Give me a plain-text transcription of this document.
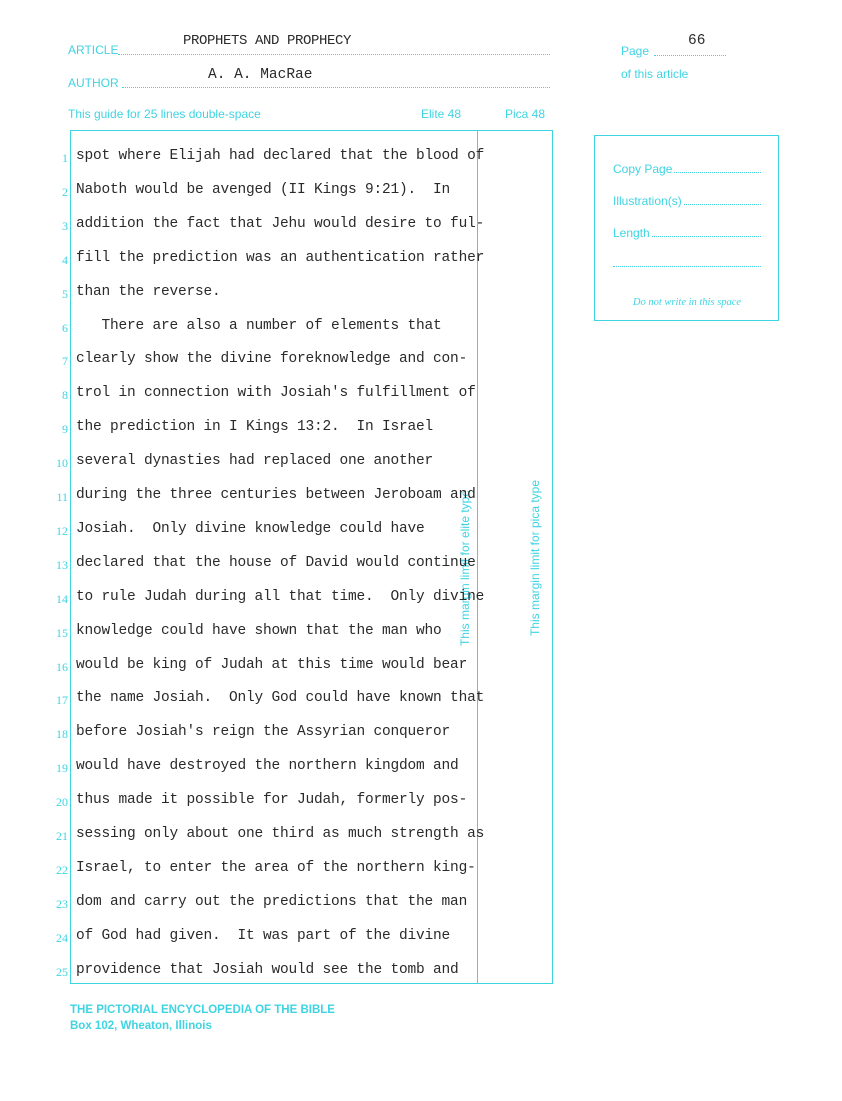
ARTICLE
PROPHETS AND PROPHECY
AUTHOR	A. A. MacRae
Page
66
of this article
This guide for 25 lines double-space	Elite 48	Pica 48
This margin limit for elite type	This margin limit for pica type
Copy Page
Illustration(s)
Length
Do not write in this space
1 spot where Elijah had declared that the blood of
2 Naboth would be avenged (II Kings 9:21).  In
3 addition the fact that Jehu would desire to ful-
4 fill the prediction was an authentication rather
5 than the reverse.
6 There are also a number of elements that
7 clearly show the divine foreknowledge and con-
8 trol in connection with Josiah's fulfillment of
9 the prediction in I Kings 13:2.  In Israel
10 several dynasties had replaced one another
11 during the three centuries between Jeroboam and
12 Josiah.  Only divine knowledge could have
13 declared that the house of David would continue
14 to rule Judah during all that time.  Only divine
15 knowledge could have shown that the man who
16 would be king of Judah at this time would bear
17 the name Josiah.  Only God could have known that
18 before Josiah's reign the Assyrian conqueror
19 would have destroyed the northern kingdom and
20 thus made it possible for Judah, formerly pos-
21 sessing only about one third as much strength as
22 Israel, to enter the area of the northern king-
23 dom and carry out the predictions that the man
24 of God had given.  It was part of the divine
25 providence that Josiah would see the tomb and
THE PICTORIAL ENCYCLOPEDIA OF THE BIBLE
Box 102, Wheaton, Illinois
